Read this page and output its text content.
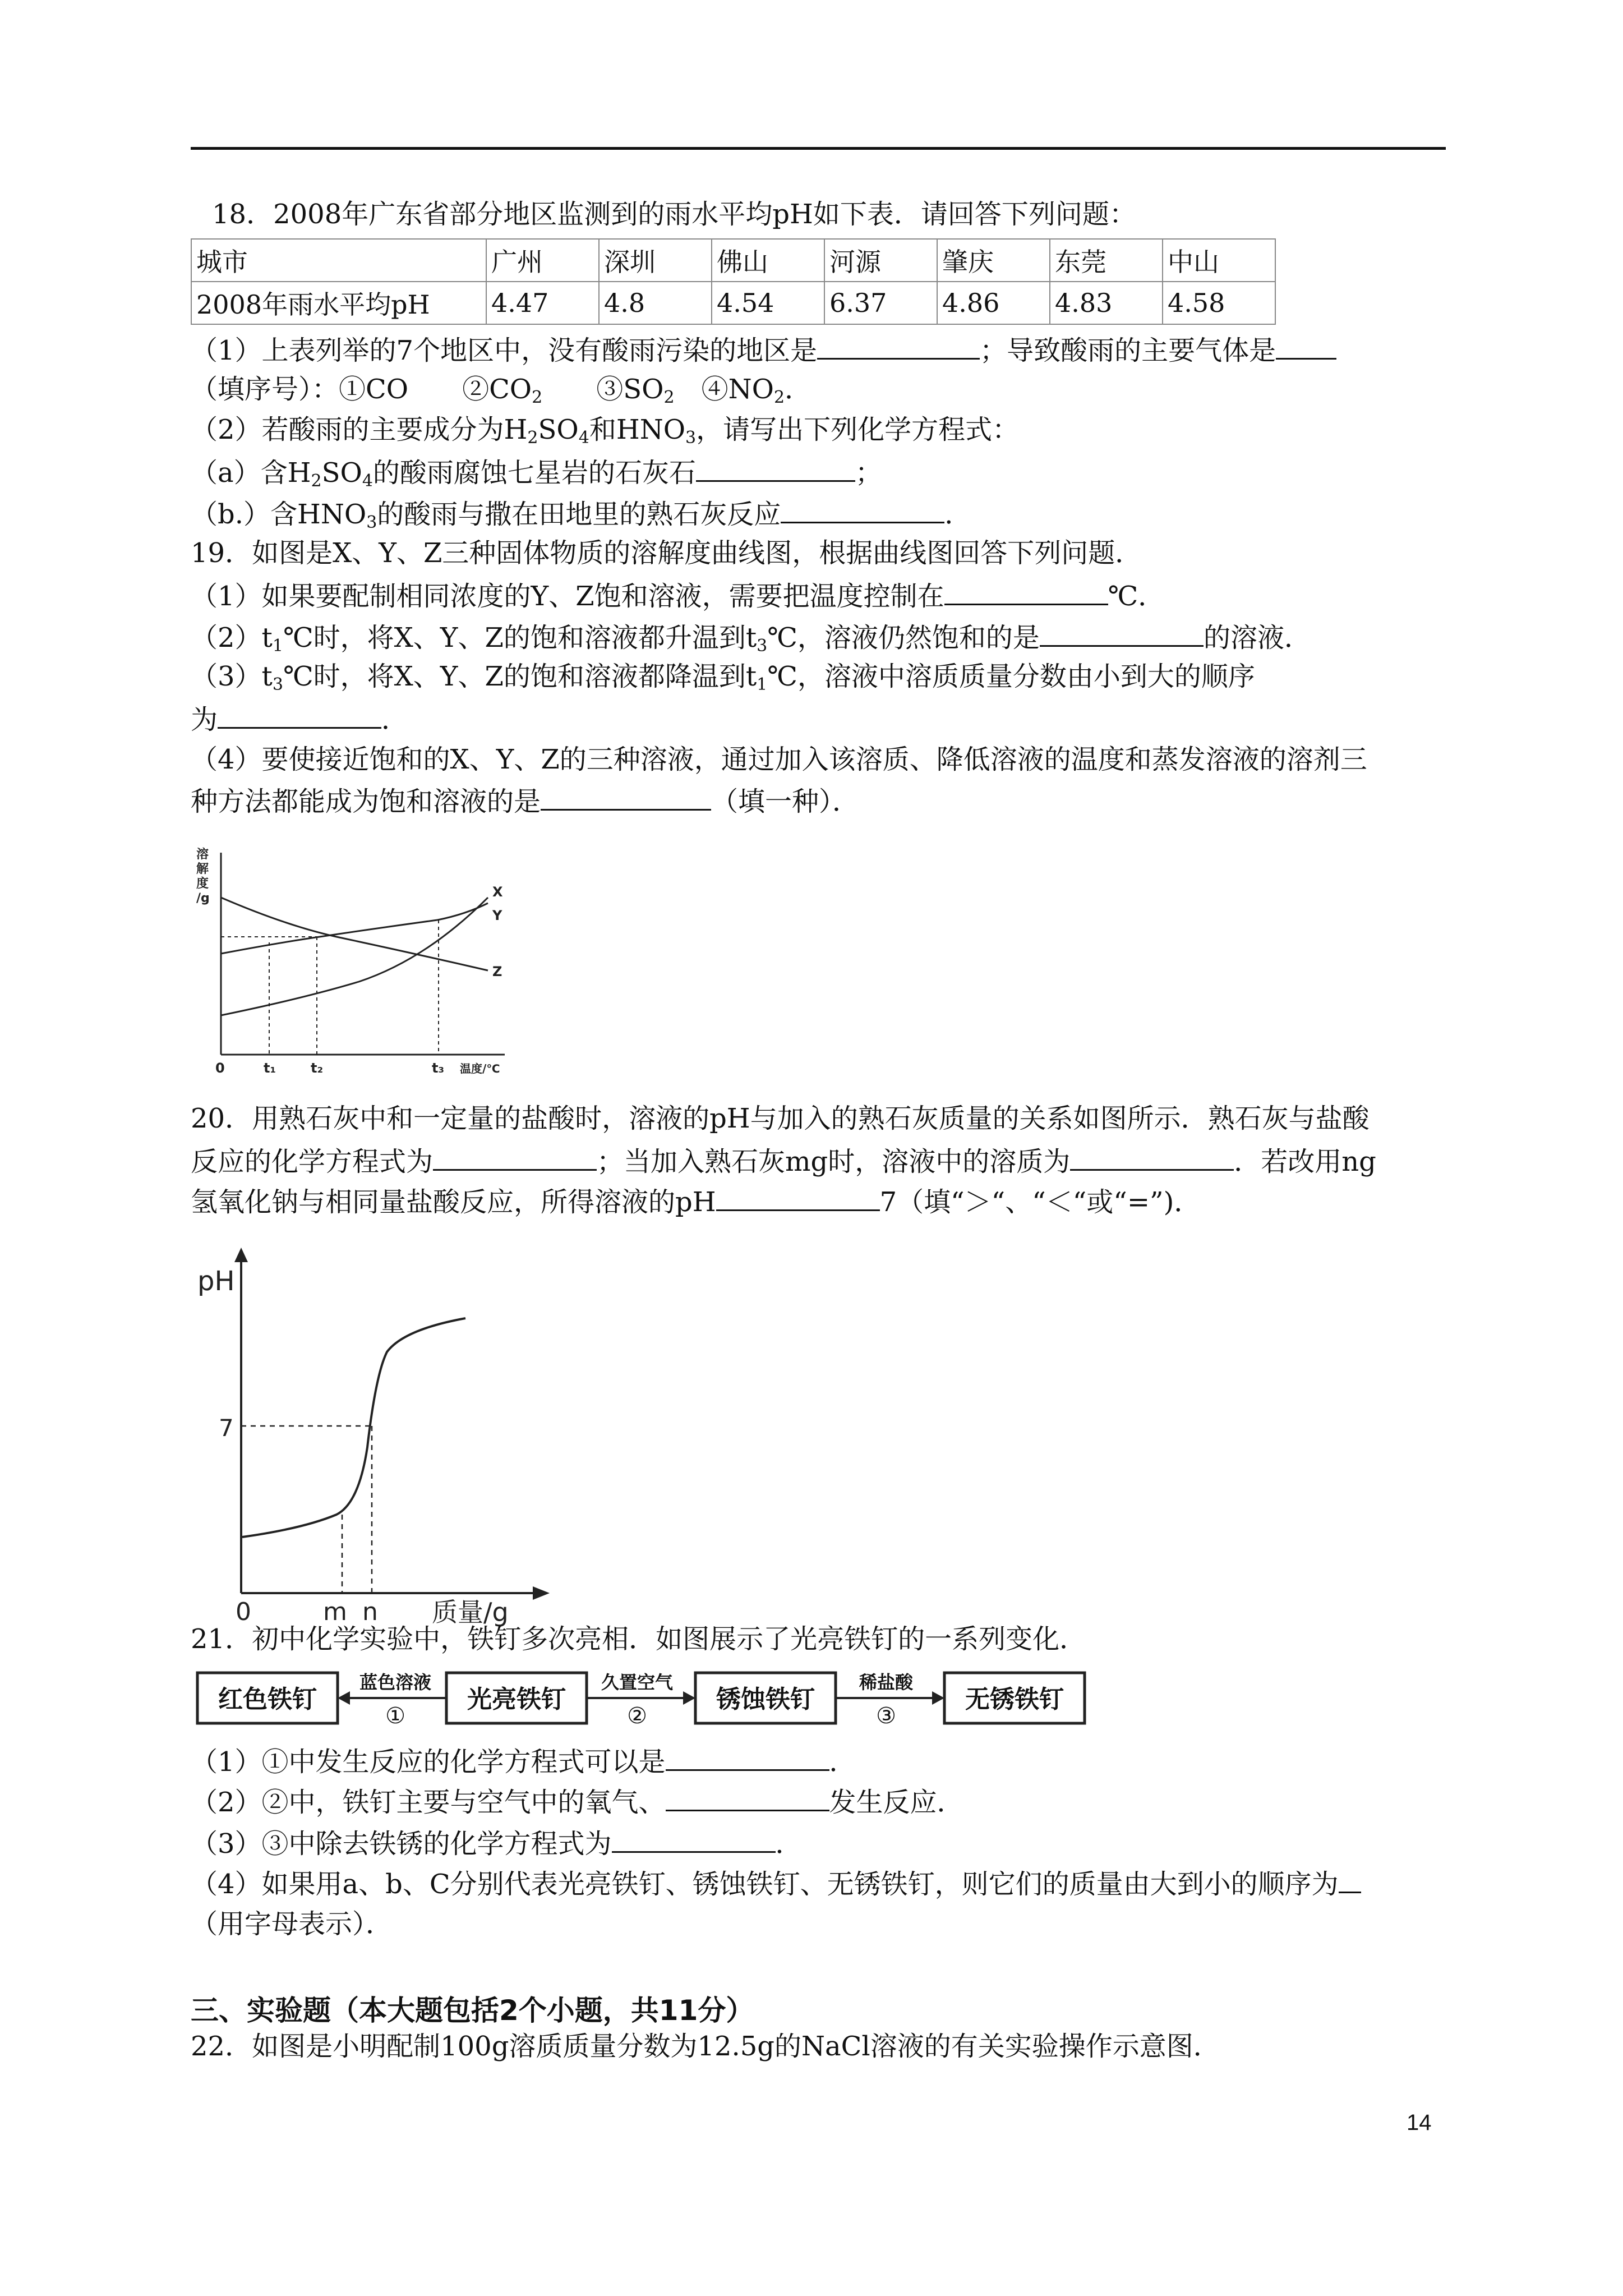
18．2008年广东省部分地区监测到的雨水平均pH如下表．请回答下列问题：
城市	广州	深圳	佛山	河源	肇庆	东莞	中山
2008年雨水平均pH	4.47	4.8	4.54	6.37	4.86	4.83	4.58
（1）上表列举的7个地区中，没有酸雨污染的地区是	；导致酸雨的主要气体是
（填序号）：①CO　　$②CO_2$　　$③SO_2$　$④NO_2$．
（2）若酸雨的主要成分为$H_2SO_4$和$HNO_3$，请写出下列化学方程式：
（a）含$H_2SO_4$的酸雨腐蚀七星岩的石灰石	；
（b.）含$HNO_3$的酸雨与撒在田地里的熟石灰反应	．
19．如图是X、Y、Z三种固体物质的溶解度曲线图，根据曲线图回答下列问题．
（1）如果要配制相同浓度的Y、Z饱和溶液，需要把温度控制在	℃．
$(2)t_1℃$时，将X、Y、Z的饱和溶液都升温到$t_3℃$，溶液仍然饱和的是	的溶液．
$(3)t_3℃$时，将X、Y、Z的饱和溶液都降温到$t_1℃$，溶液中溶质质量分数由小到大的顺序
为	．
（4）要使接近饱和的X、Y、Z的三种溶液，通过加入该溶质、降低溶液的温度和蒸发溶液的溶剂三
种方法都能成为饱和溶液的是	（填一种）．
溶
解
度
/g	X
Y
Z
0	t₁	t₂	t₃ 温度/℃
20．用熟石灰中和一定量的盐酸时，溶液的pH与加入的熟石灰质量的关系如图所示．熟石灰与盐酸
反应的化学方程式为	；当加入熟石灰mg时，溶液中的溶质为	．若改用ng
氢氧化钠与相同量盐酸反应，所得溶液的pH	7（填“＞“、“＜“或“=”)．
pH
7
0	m n 质量/g
21．初中化学实验中，铁钉多次亮相．如图展示了光亮铁钉的一系列变化．
红色铁钉	光亮铁钉	锈蚀铁钉	无锈铁钉
蓝色溶液	久置空气	稀盐酸
①	②	③
（1）①中发生反应的化学方程式可以是	．
（2）②中，铁钉主要与空气中的氧气、	发生反应．
（3）③中除去铁锈的化学方程式为	．
（4）如果用a、b、C分别代表光亮铁钉、锈蚀铁钉、无锈铁钉，则它们的质量由大到小的顺序为
（用字母表示）．
三、实验题（本大题包括2个小题，共11分）
22．如图是小明配制100g溶质质量分数为12.5g的NaCl溶液的有关实验操作示意图．
14
